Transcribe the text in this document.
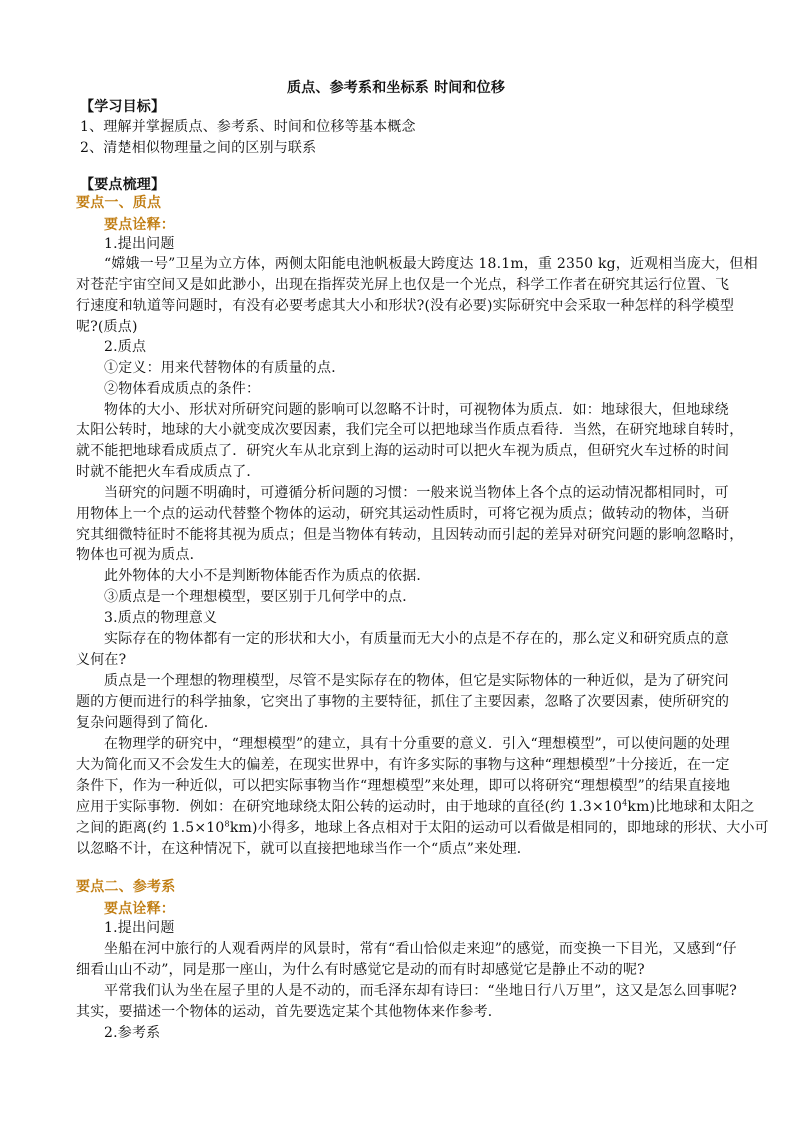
质点、参考系和坐标系 时间和位移
【学习目标】
1、理解并掌握质点、参考系、时间和位移等基本概念
2、清楚相似物理量之间的区别与联系
【要点梳理】
要点一、质点
要点诠释：
1.提出问题
“嫦娥一号”卫星为立方体，两侧太阳能电池帆板最大跨度达 18.1m，重 2350 kg，近观相当庞大，但相
对苍茫宇宙空间又是如此渺小，出现在指挥荧光屏上也仅是一个光点，科学工作者在研究其运行位置、飞
行速度和轨道等问题时，有没有必要考虑其大小和形状?(没有必要)实际研究中会采取一种怎样的科学模型
呢?(质点)
2.质点
①定义：用来代替物体的有质量的点．
②物体看成质点的条件：
物体的大小、形状对所研究问题的影响可以忽略不计时，可视物体为质点．如：地球很大，但地球绕
太阳公转时，地球的大小就变成次要因素，我们完全可以把地球当作质点看待．当然，在研究地球自转时，
就不能把地球看成质点了．研究火车从北京到上海的运动时可以把火车视为质点，但研究火车过桥的时间
时就不能把火车看成质点了．
当研究的问题不明确时，可遵循分析问题的习惯：一般来说当物体上各个点的运动情况都相同时，可
用物体上一个点的运动代替整个物体的运动，研究其运动性质时，可将它视为质点；做转动的物体，当研
究其细微特征时不能将其视为质点；但是当物体有转动，且因转动而引起的差异对研究问题的影响忽略时，
物体也可视为质点．
此外物体的大小不是判断物体能否作为质点的依据．
③质点是一个理想模型，要区别于几何学中的点．
3.质点的物理意义
实际存在的物体都有一定的形状和大小，有质量而无大小的点是不存在的，那么定义和研究质点的意
义何在?
质点是一个理想的物理模型，尽管不是实际存在的物体，但它是实际物体的一种近似，是为了研究问
题的方便而进行的科学抽象，它突出了事物的主要特征，抓住了主要因素，忽略了次要因素，使所研究的
复杂问题得到了简化．
在物理学的研究中，“理想模型”的建立，具有十分重要的意义．引入“理想模型”，可以使问题的处理
大为简化而又不会发生大的偏差，在现实世界中，有许多实际的事物与这种“理想模型”十分接近，在一定
条件下，作为一种近似，可以把实际事物当作“理想模型”来处理，即可以将研究“理想模型”的结果直接地
应用于实际事物．例如：在研究地球绕太阳公转的运动时，由于地球的直径(约 $1.3\times 10^4km$)比地球和太阳之
之间的距离(约 $1.5\times 10^8km$)小得多，地球上各点相对于太阳的运动可以看做是相同的，即地球的形状、大小可
以忽略不计，在这种情况下，就可以直接把地球当作一个“质点”来处理．
要点二、参考系
要点诠释：
1.提出问题
坐船在河中旅行的人观看两岸的风景时，常有“看山恰似走来迎”的感觉，而变换一下目光，又感到“仔
细看山山不动”，同是那一座山，为什么有时感觉它是动的而有时却感觉它是静止不动的呢?
平常我们认为坐在屋子里的人是不动的，而毛泽东却有诗曰：“坐地日行八万里”，这又是怎么回事呢?
其实，要描述一个物体的运动，首先要选定某个其他物体来作参考．
2.参考系
